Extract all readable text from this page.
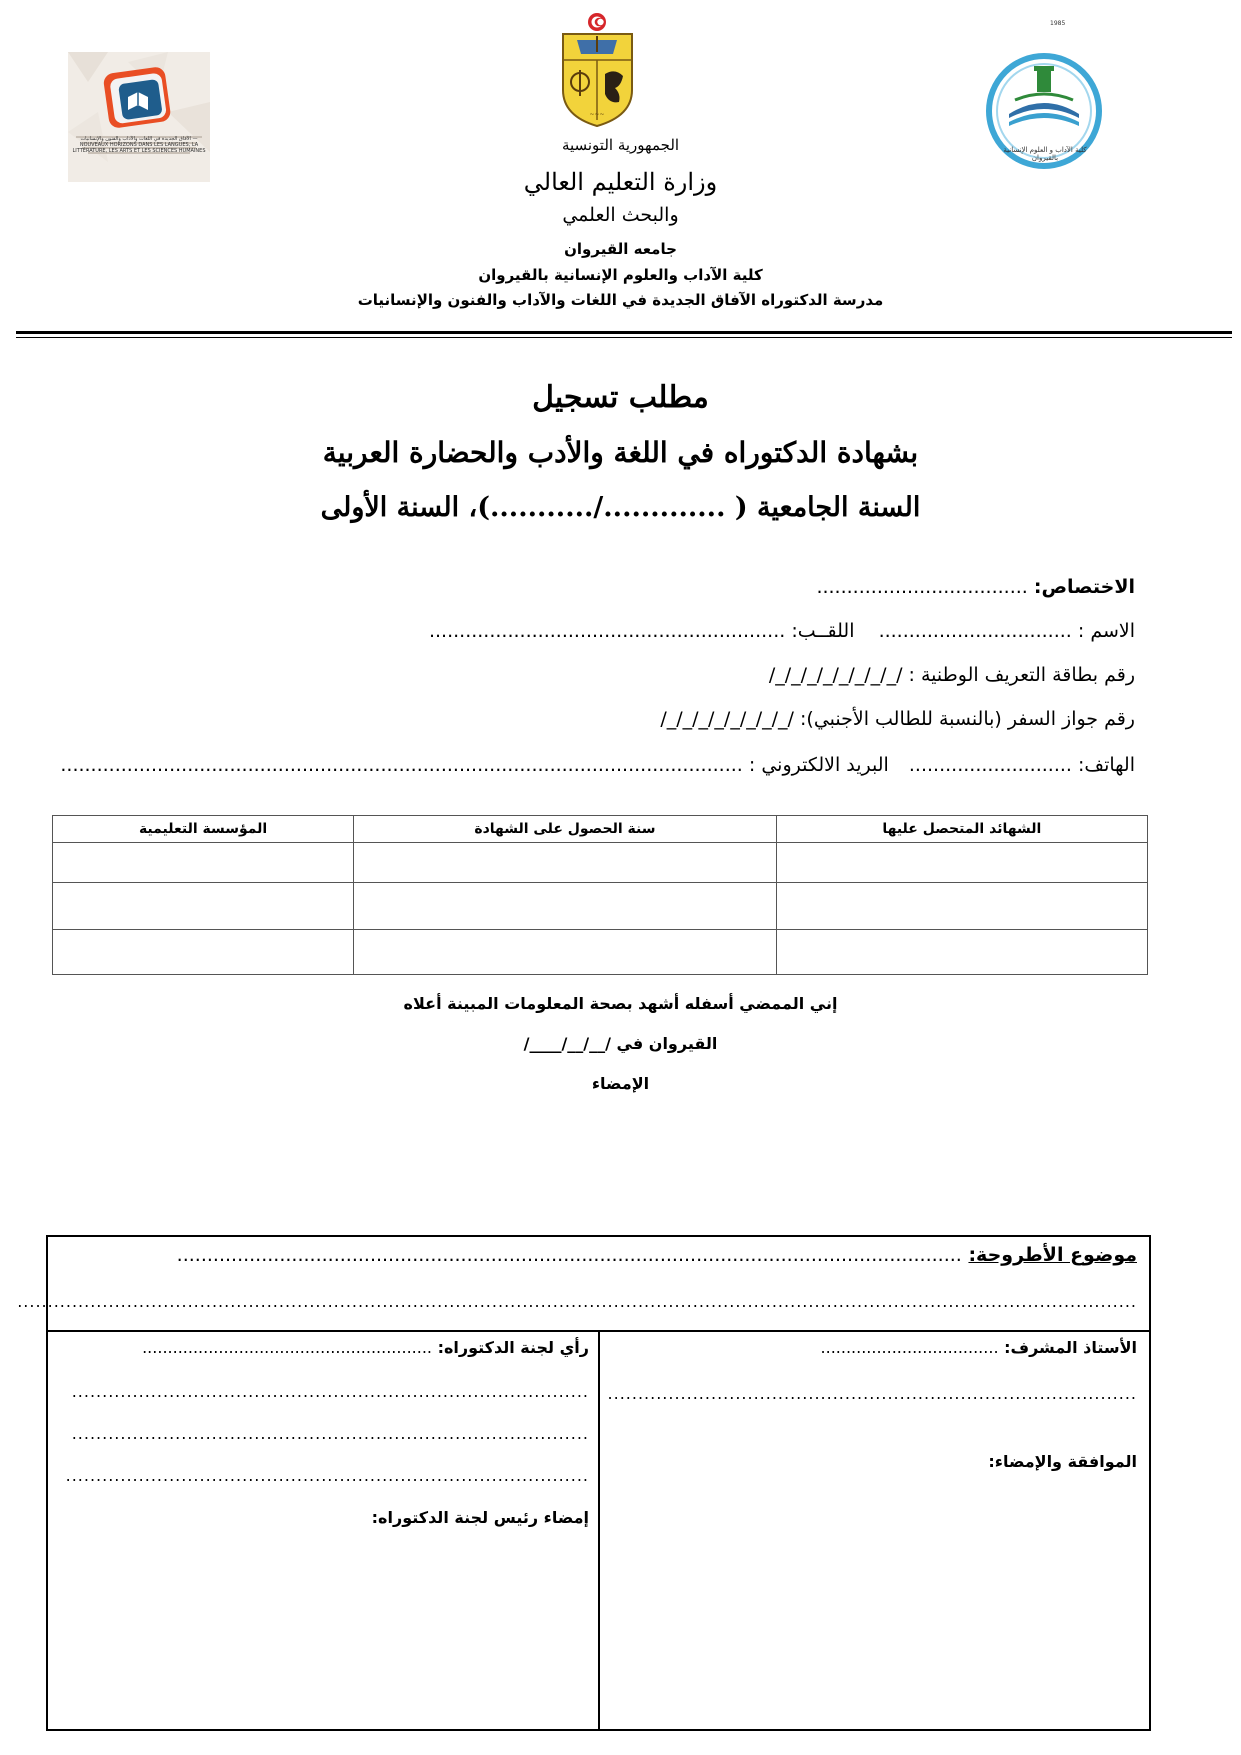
~~~
الآفاق الجديدة في اللغات والآداب والفنون والإنسانيات — NOUVEAUX HORIZONS DANS LES LANGUES, LA LITTÉRATURE, LES ARTS ET LES SCIENCES HUMAINES
1985
كلية الآداب و العلوم الإنسانية بالقيروان
الجمهورية التونسية
وزارة التعليم العالي
والبحث العلمي
جامعه القيروان
كلية الآداب والعلوم الإنسانية بالقيروان
مدرسة الدكتوراه الآفاق الجديدة في اللغات والآداب والفنون والإنسانيات
مطلب تسجيل
بشهادة الدكتوراه في اللغة والأدب والحضارة العربية
السنة الجامعية ( ............./...........)، السنة الأولى
الاختصاص: ...................................
الاسم : ................................ اللقــب: ...........................................................
رقم بطاقة التعريف الوطنية : /_/_/_/_/_/_/_/_/
رقم جواز السفر (بالنسبة للطالب الأجنبي): /_/_/_/_/_/_/_/_/
الهاتف: ........................... البريد الالكتروني : .................................................................................................................
الشهائد المتحصل عليها	سنة الحصول على الشهادة	المؤسسة التعليمية

إني الممضي أسفله أشهد بصحة المعلومات المبينة أعلاه
القيروان في /__/__/____/
الإمضاء
موضوع الأطروحة: ..................................................................................................................................
........................................................................................................................................................................................
الأستاذ المشرف: ...................................
.......................................................................................
الموافقة والإمضاء:
رأي لجنة الدكتوراه: .........................................................
.....................................................................................
.....................................................................................
......................................................................................
إمضاء رئيس لجنة الدكتوراه:
